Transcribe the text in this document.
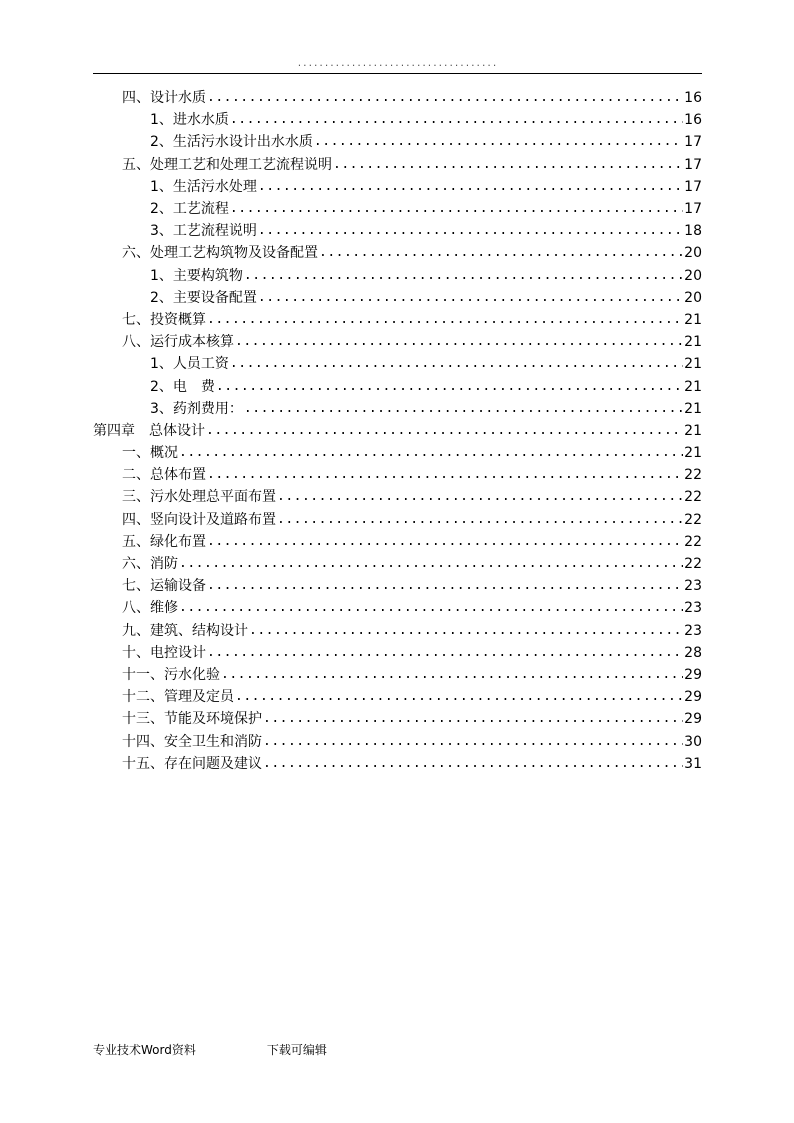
.....................................
四、设计水质 .....	16
1、进水水质 .....	16
2、生活污水设计出水水质 .....	17
五、处理工艺和处理工艺流程说明 .....	17
1、生活污水处理 .....	17
2、工艺流程 .....	17
3、工艺流程说明 .....	18
六、处理工艺构筑物及设备配置 .....	20
1、主要构筑物 .....	20
2、主要设备配置 .....	20
七、投资概算 .....	21
八、运行成本核算 .....	21
1、人员工资 .....	21
2、电　费 .....	21
3、药剂费用： .....	21
第四章　总体设计 .....	21
一、概况 .....	21
二、总体布置 .....	22
三、污水处理总平面布置 .....	22
四、竖向设计及道路布置 .....	22
五、绿化布置 .....	22
六、消防 .....	22
七、运输设备 .....	23
八、维修 .....	23
九、建筑、结构设计 .....	23
十、电控设计 .....	28
十一、污水化验 .....	29
十二、管理及定员 .....	29
十三、节能及环境保护 .....	29
十四、安全卫生和消防 .....	30
十五、存在问题及建议 .....	31
专业技术Word资料	下载可编辑
